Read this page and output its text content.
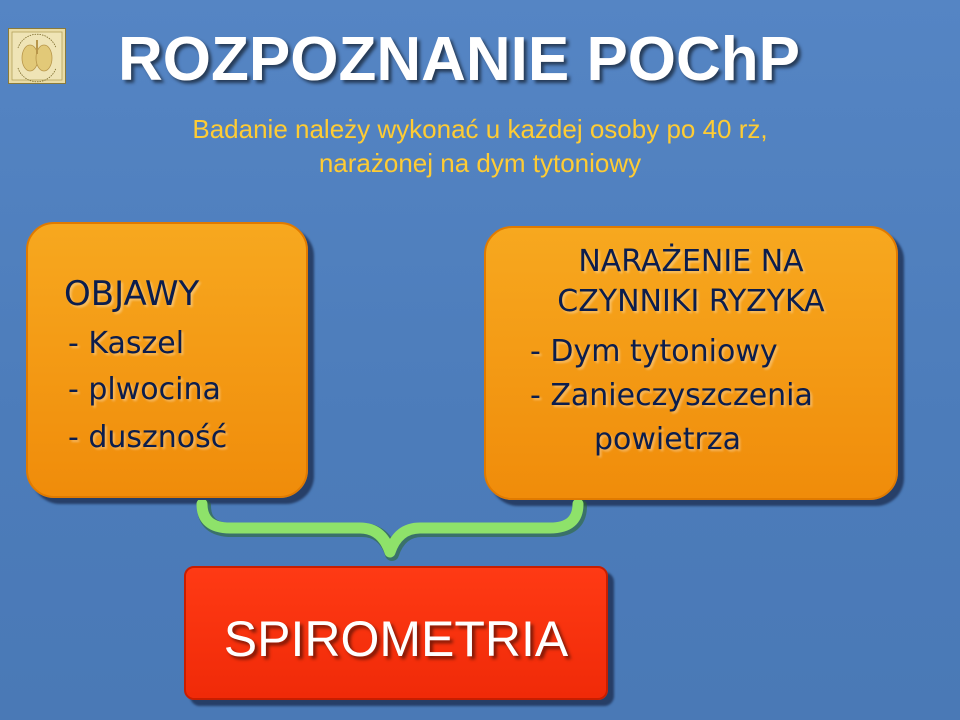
ROZPOZNANIE POChP
Badanie należy wykonać u każdej osoby po 40 rż,
narażonej na dym tytoniowy

OBJAWY

- Kaszel

- plwocina

- duszność

NARAŻENIE NA

CZYNNIKI RYZYKA

- Dym tytoniowy

- Zanieczyszczenia

powietrza

SPIROMETRIA
